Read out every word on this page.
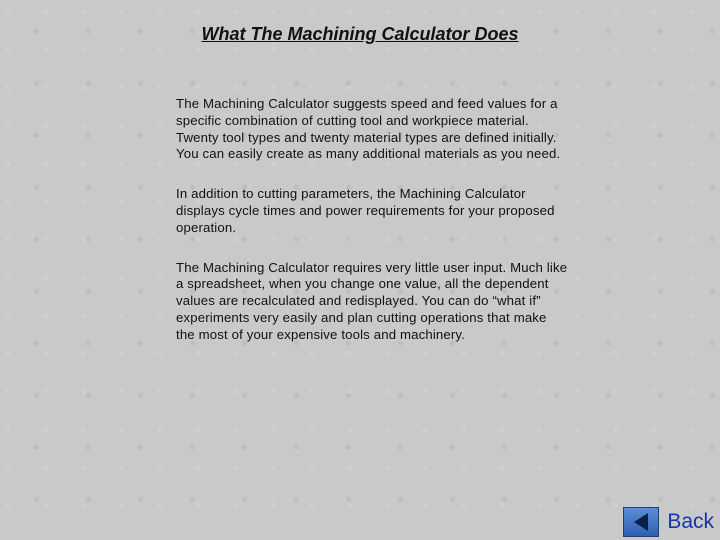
What The Machining Calculator Does

The Machining Calculator suggests speed and feed values for a specific combination of cutting tool and workpiece material. Twenty tool types and twenty material types are defined initially. You can easily create as many additional materials as you need.

In addition to cutting parameters, the Machining Calculator displays cycle times and power requirements for your proposed operation.

The Machining Calculator requires very little user input. Much like a spreadsheet, when you change one value, all the dependent values are recalculated and redisplayed. You can do “what if” experiments very easily and plan cutting operations that make the most of your expensive tools and machinery.

Back
